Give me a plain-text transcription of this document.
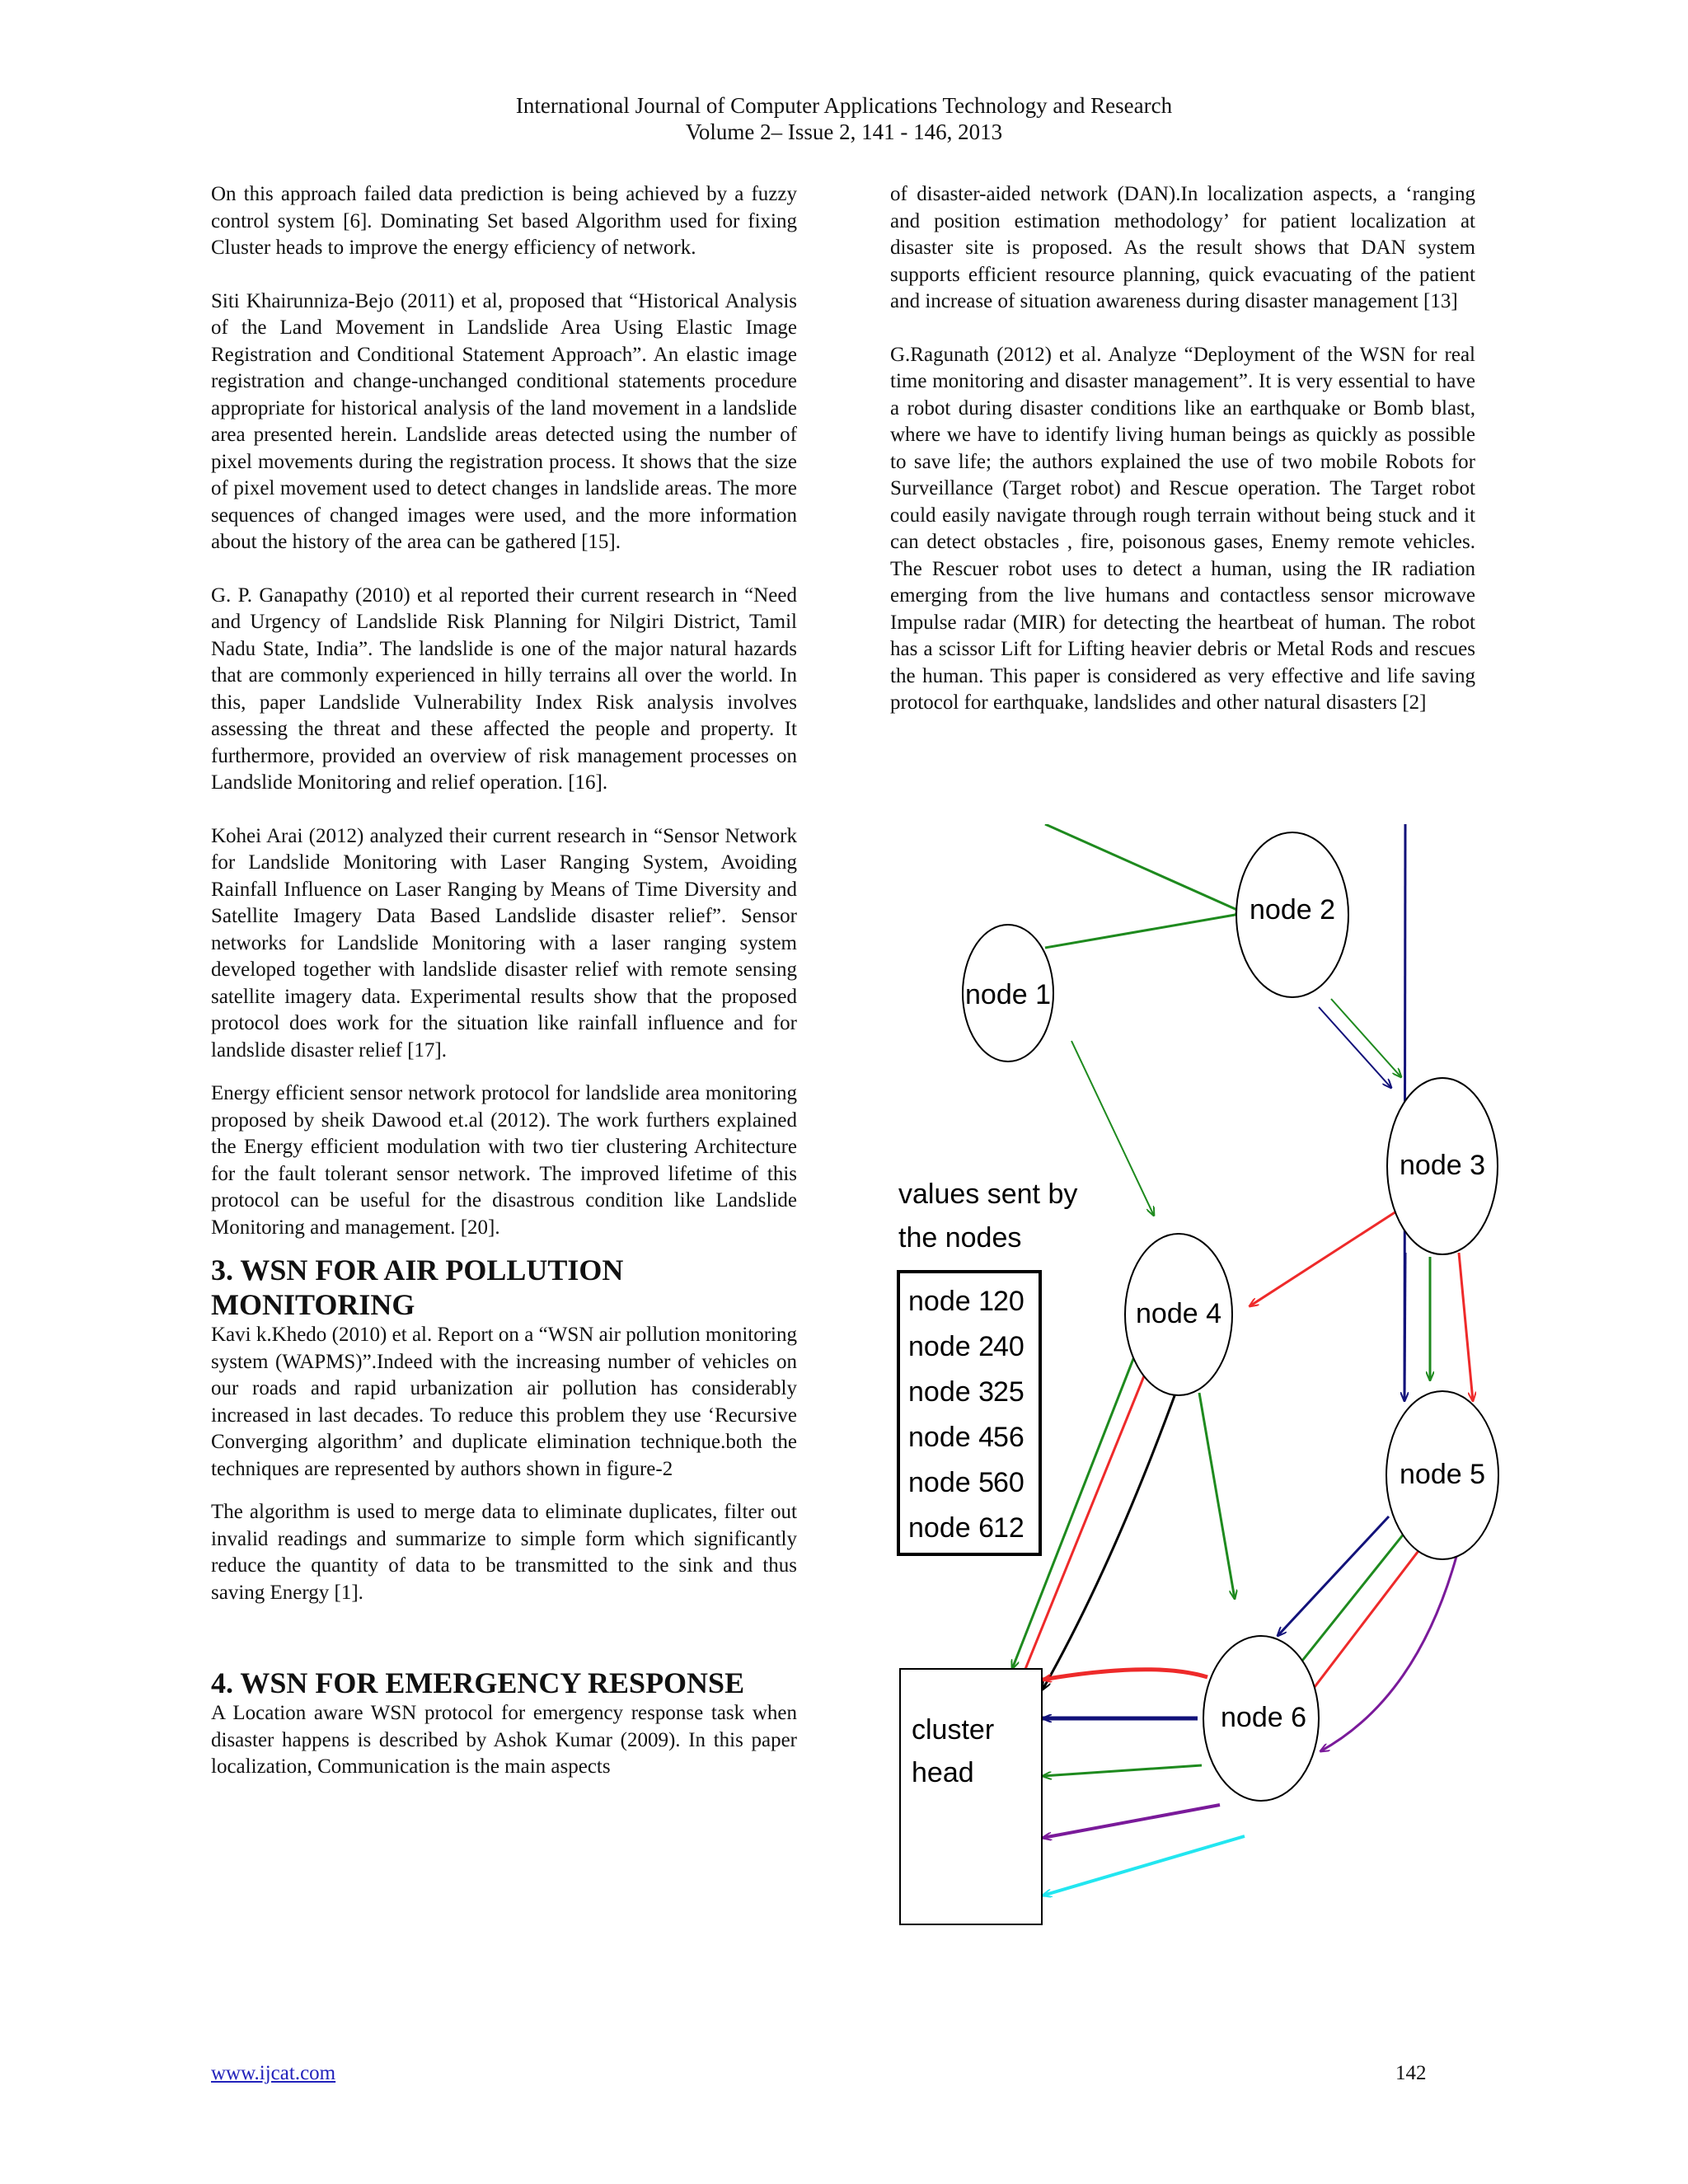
International Journal of Computer Applications Technology and Research
Volume 2– Issue 2, 141 - 146, 2013

On this approach failed data prediction is being achieved by a fuzzy control system [6]. Dominating Set based Algorithm used for fixing Cluster heads to improve the energy efficiency of network.

Siti Khairunniza-Bejo (2011) et al, proposed that “Historical Analysis of the Land Movement in Landslide Area Using Elastic Image Registration and Conditional Statement Approach”. An elastic image registration and change-unchanged conditional statements procedure appropriate for historical analysis of the land movement in a landslide area presented herein. Landslide areas detected using the number of pixel movements during the registration process. It shows that the size of pixel movement used to detect changes in landslide areas. The more sequences of changed images were used, and the more information about the history of the area can be gathered [15].

G. P. Ganapathy (2010) et al reported their current research in “Need and Urgency of Landslide Risk Planning for Nilgiri District, Tamil Nadu State, India”. The landslide is one of the major natural hazards that are commonly experienced in hilly terrains all over the world. In this, paper Landslide Vulnerability Index Risk analysis involves assessing the threat and these affected the people and property. It furthermore, provided an overview of risk management processes on Landslide Monitoring and relief operation. [16].

Kohei Arai (2012) analyzed their current research in “Sensor Network for Landslide Monitoring with Laser Ranging System, Avoiding Rainfall Influence on Laser Ranging by Means of Time Diversity and Satellite Imagery Data Based Landslide disaster relief”. Sensor networks for Landslide Monitoring with a laser ranging system developed together with landslide disaster relief with remote sensing satellite imagery data. Experimental results show that the proposed protocol does work for the situation like rainfall influence and for landslide disaster relief [17].

Energy efficient sensor network protocol for landslide area monitoring proposed by sheik Dawood et.al (2012). The work furthers explained the Energy efficient modulation with two tier clustering Architecture for the fault tolerant sensor network. The improved lifetime of this protocol can be useful for the disastrous condition like Landslide Monitoring and management. [20].

3. WSN FOR AIR POLLUTION MONITORING

Kavi k.Khedo (2010) et al. Report on a “WSN air pollution monitoring system (WAPMS)”.Indeed with the increasing number of vehicles on our roads and rapid urbanization air pollution has considerably increased in last decades. To reduce this problem they use ‘Recursive Converging algorithm’ and duplicate elimination technique.both the techniques are represented by authors shown in figure-2

The algorithm is used to merge data to eliminate duplicates, filter out invalid readings and summarize to simple form which significantly reduce the quantity of data to be transmitted to the sink and thus saving Energy [1].

4. WSN FOR EMERGENCY RESPONSE

A Location aware WSN protocol for emergency response task when disaster happens is described by Ashok Kumar (2009). In this paper localization, Communication is the main aspects

of disaster-aided network (DAN).In localization aspects, a ‘ranging and position estimation methodology’ for patient localization at disaster site is proposed. As the result shows that DAN system supports efficient resource planning, quick evacuating of the patient and increase of situation awareness during disaster management [13]

G.Ragunath (2012) et al. Analyze “Deployment of the WSN for real time monitoring and disaster management”. It is very essential to have a robot during disaster conditions like an earthquake or Bomb blast, where we have to identify living human beings as quickly as possible to save life; the authors explained the use of two mobile Robots for Surveillance (Target robot) and Rescue operation. The Target robot could easily navigate through rough terrain without being stuck and it can detect obstacles , fire, poisonous gases, Enemy remote vehicles. The Rescuer robot uses to detect a human, using the IR radiation emerging from the live humans and contactless sensor microwave Impulse radar (MIR) for detecting the heartbeat of human. The robot has a scissor Lift for Lifting heavier debris or Metal Rods and rescues the human. This paper is considered as very effective and life saving protocol for earthquake, landslides and other natural disasters [2]

node 1
node 2
node 3
node 4
node 5
node 6
cluster
head
values sent by
the nodes
node 1 20
node 2 40
node 3 25
node 4 56
node 5 60
node 6 12
www.ijcat.com	142
